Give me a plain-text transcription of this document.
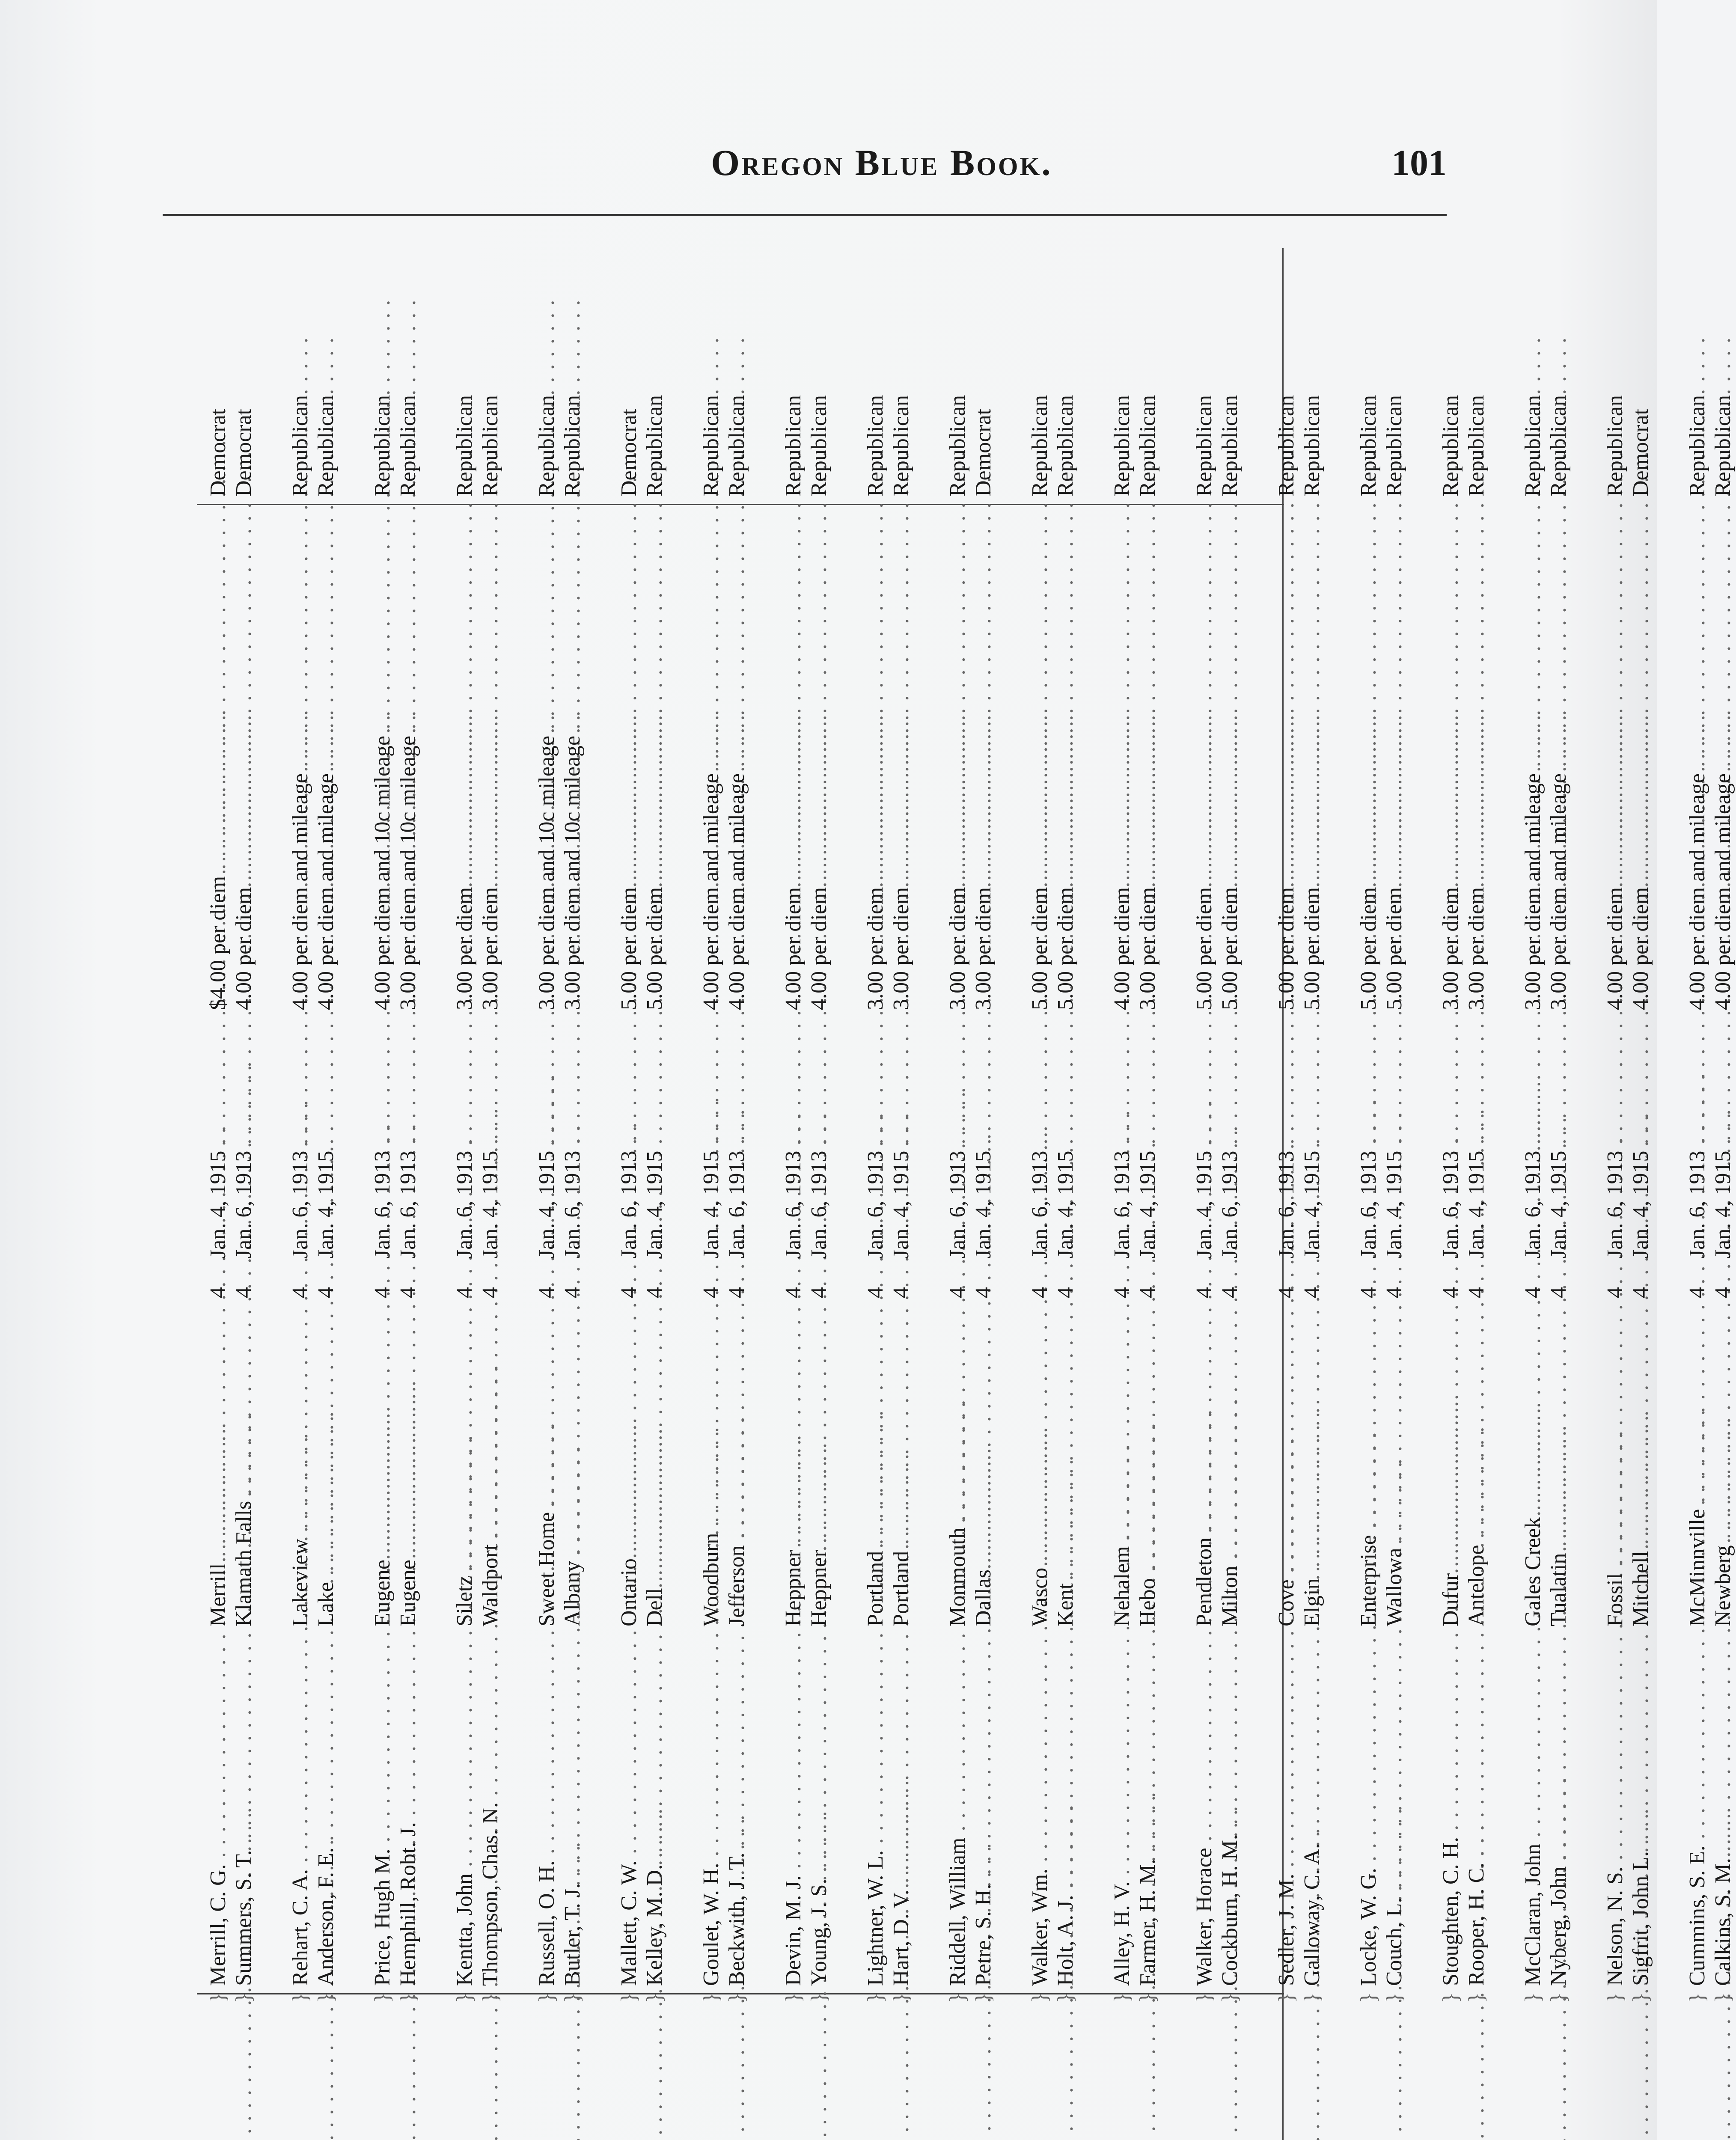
Oregon Blue Book.	101
}
Merrill, C. G. . . .
Merrill . . .
4
Jan. 4, 1915 . . .
$4.00 per diem . . .
Democrat
. . .
}
Summers, S. T. . . .
Klamath Falls . . .
4
Jan. 6, 1913 . . .
4.00 per diem . . .
Democrat
}
Rehart, C. A. . . .
Lakeview . . .
4
Jan. 6, 1913 . . .
4.00 per diem and mileage . . .
Republican
. . .
}
Anderson, F. E. . . .
Lake . . .
4
Jan. 4, 1915 . . .
4.00 per diem and mileage . . .
Republican
}
Price, Hugh M. . . .
Eugene . . .
4
Jan. 6, 1913 . . .
4.00 per diem and 10c mileage . . .
Republican
. . .
}
Hemphill, Robt. J. . . .
Eugene . . .
4
Jan. 6, 1913 . . .
3.00 per diem and 10c mileage . . .
Republican
}
Kentta, John . . .
Siletz . . .
4
Jan. 6, 1913 . . .
3.00 per diem . . .
Republican
. . .
}
Thompson, Chas. N. . . .
Waldport . . .
4
Jan. 4, 1915 . . .
3.00 per diem . . .
Republican
}
Russell, O. H. . . .
Sweet Home . . .
4
Jan. 4, 1915 . . .
3.00 per diem and 10c mileage . . .
Republican
. . .
}
Butler, T. J. . . .
Albany . . .
4
Jan. 6, 1913 . . .
3.00 per diem and 10c mileage . . .
Republican
}
Mallett, C. W. . . .
Ontario . . .
4
Jan. 6, 1913 . . .
5.00 per diem . . .
Democrat
. . .
}
Kelley, M. D. . . .
Dell . . .
4
Jan. 4, 1915 . . .
5.00 per diem . . .
Republican
}
Goulet, W. H. . . .
Woodburn . . .
4
Jan. 4, 1915 . . .
4.00 per diem and mileage . . .
Republican
. . .
}
Beckwith, J. T. . . .
Jefferson . . .
4
Jan. 6, 1913 . . .
4.00 per diem and mileage . . .
Republican
}
Devin, M. J. . . .
Heppner . . .
4
Jan. 6, 1913 . . .
4.00 per diem . . .
Republican
. . .
}
Young, J. S. . . .
Heppner . . .
4
Jan. 6, 1913 . . .
4.00 per diem . . .
Republican
}
Lightner, W. L. . . .
Portland . . .
4
Jan. 6, 1913 . . .
3.00 per diem . . .
Republican
. . .
}
Hart, D. V. . . .
Portland . . .
4
Jan. 4, 1915 . . .
3.00 per diem . . .
Republican
}
Riddell, William . . .
Monmouth . . .
4
Jan. 6, 1913 . . .
3.00 per diem . . .
Republican
. . .
}
Petre, S. H. . . .
Dallas . . .
4
Jan. 4, 1915 . . .
3.00 per diem . . .
Democrat
}
Walker, Wm. . . .
Wasco . . .
4
Jan. 6, 1913 . . .
5.00 per diem . . .
Republican
. . .
}
Holt, A. J. . . .
Kent . . .
4
Jan. 4, 1915 . . .
5.00 per diem . . .
Republican
}
Alley, H. V. . . .
Nehalem . . .
4
Jan. 6, 1913 . . .
4.00 per diem . . .
Republican
. . .
}
Farmer, H. M. . . .
Hebo . . .
4
Jan. 4, 1915 . . .
3.00 per diem . . .
Republican
}
Walker, Horace . . .
Pendleton . . .
4
Jan. 4, 1915 . . .
5.00 per diem . . .
Republican
. . .
}
Cockburn, H. M. . . .
Milton . . .
4
Jan. 6, 1913 . . .
5.00 per diem . . .
Republican
}
Sedler, J. M. . . .
Cove . . .
4
Jan. 6, 1913 . . .
5.00 per diem . . .
Republican
. . .
}
Galloway, C. A. . . .
Elgin . . .
4
Jan. 4, 1915 . . .
5.00 per diem . . .
Republican
}
Locke, W. G. . . .
Enterprise . . .
4
Jan. 6, 1913 . . .
5.00 per diem . . .
Republican
. . .
}
Couch, L. . . .
Wallowa . . .
4
Jan. 4, 1915 . . .
5.00 per diem . . .
Republican
}
Stoughten, C. H. . . .
Dufur . . .
4
Jan. 6, 1913 . . .
3.00 per diem . . .
Republican
. . .
}
Rooper, H. C. . . .
Antelope . . .
4
Jan. 4, 1915 . . .
3.00 per diem . . .
Republican
}
McClaran, John . . .
Gales Creek . . .
4
Jan. 6, 1913 . . .
3.00 per diem and mileage . . .
Republican
. . .
}
Nyberg, John . . .
Tualatin . . .
4
Jan. 4, 1915 . . .
3.00 per diem and mileage . . .
Republican
}
Nelson, N. S. . . .
Fossil . . .
4
Jan. 6, 1913 . . .
4.00 per diem . . .
Republican
. . .
}
Sigfrit, John L. . . .
Mitchell . . .
4
Jan. 4, 1915 . . .
4.00 per diem . . .
Democrat
}
Cummins, S. E. . . .
McMinnville . . .
4
Jan. 6, 1913 . . .
4.00 per diem and mileage . . .
Republican
. . .
}
Calkins, S. M. . . .
Newberg . . .
4
Jan. 4, 1915 . . .
4.00 per diem and mileage . . .
Republican
